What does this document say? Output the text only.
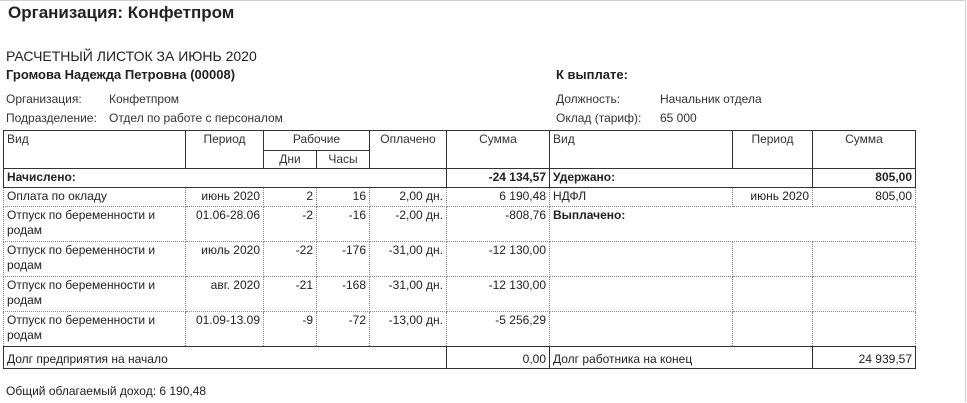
Организация: Конфетпром
РАСЧЕТНЫЙ ЛИСТОК ЗА ИЮНЬ 2020
Громова Надежда Петровна (00008)	К выплате:
Организация: Конфетпром
Подразделение: Отдел по работе с персоналом
Должность:	Начальник отдела
Оклад (тариф): 65 000
Вид	Период	Рабочие		Оплачено	Сумма	Вид	Период	Сумма
		Дни	Часы					
Начислено:					-24 134,57	Удержано:		805,00
Оплата по окладу	июнь 2020	2	16	2,00 дн.	6 190,48	НДФЛ	июнь 2020	805,00
Отпуск по беременности и родам	01.06-28.06	-2	-16	-2,00 дн.	-808,76	Выплачено:		
Отпуск по беременности и родам	июль 2020	-22	-176	-31,00 дн.	-12 130,00			
Отпуск по беременности и родам	авг. 2020	-21	-168	-31,00 дн.	-12 130,00			
Отпуск по беременности и родам	01.09-13.09	-9	-72	-13,00 дн.	-5 256,29			
Долг предприятия на начало					0,00	Долг работника на конец		24 939,57
Общий облагаемый доход: 6 190,48
